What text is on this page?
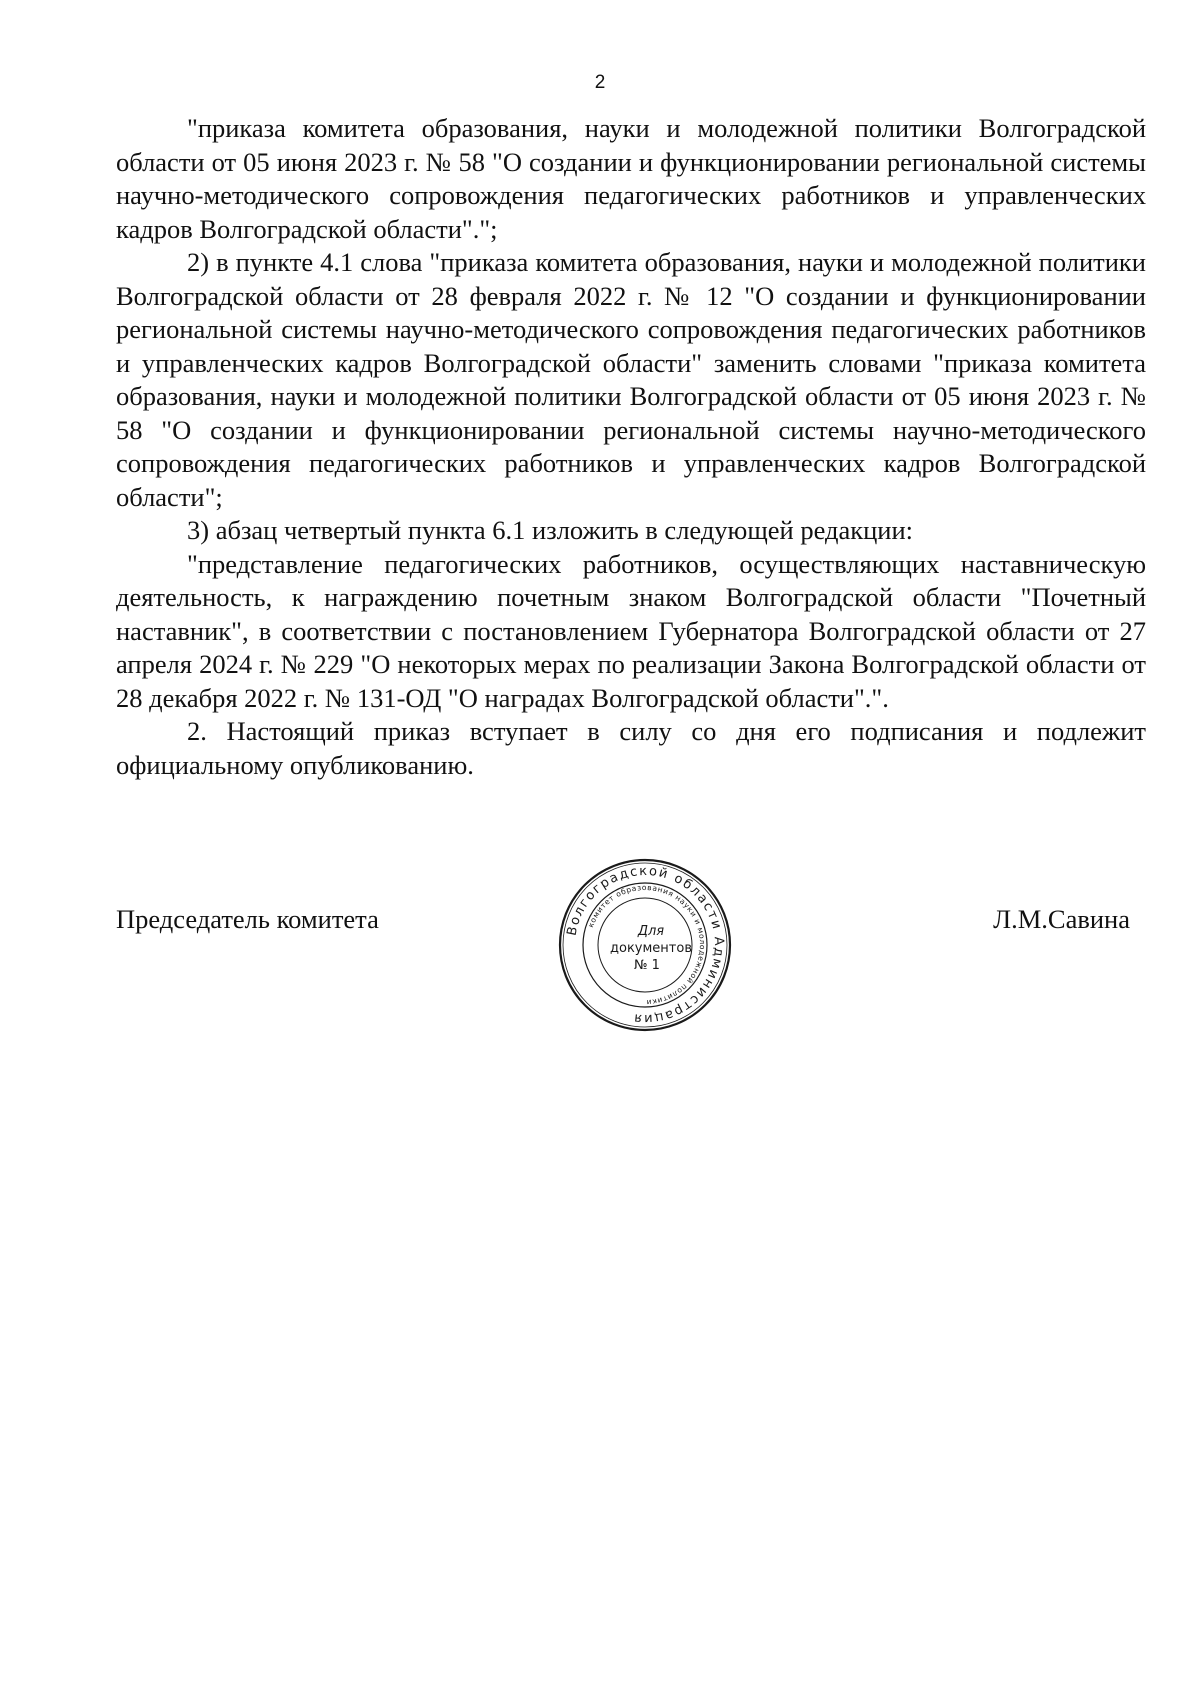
2

"приказа комитета образования, науки и молодежной политики Волгоградской области от 05 июня 2023 г. № 58 "О создании и функционировании региональной системы научно-методического сопровождения педагогических работников и управленческих кадров Волгоградской области".";

2) в пункте 4.1 слова "приказа комитета образования, науки и молодежной политики Волгоградской области от 28 февраля 2022 г. № 12 "О создании и функционировании региональной системы научно-методического сопровождения педагогических работников и управленческих кадров Волгоградской области" заменить словами "приказа комитета образования, науки и молодежной политики Волгоградской области от 05 июня 2023 г. № 58 "О создании и функционировании региональной системы научно-методического сопровождения педагогических работников и управленческих кадров Волгоградской области";

3) абзац четвертый пункта 6.1 изложить в следующей редакции:

"представление педагогических работников, осуществляющих наставническую деятельность, к награждению почетным знаком Волгоградской области "Почетный наставник", в соответствии с постановлением Губернатора Волгоградской области от 27 апреля 2024 г. № 229 "О некоторых мерах по реализации Закона Волгоградской области от 28 декабря 2022 г. № 131-ОД "О наградах Волгоградской области".".

2. Настоящий приказ вступает в силу со дня его подписания и подлежит официальному опубликованию.

Председатель комитета	Л.М.Савина
Волгоградской области Администрация
комитет образования науки и молодежной политики
Для
документов
№ 1
